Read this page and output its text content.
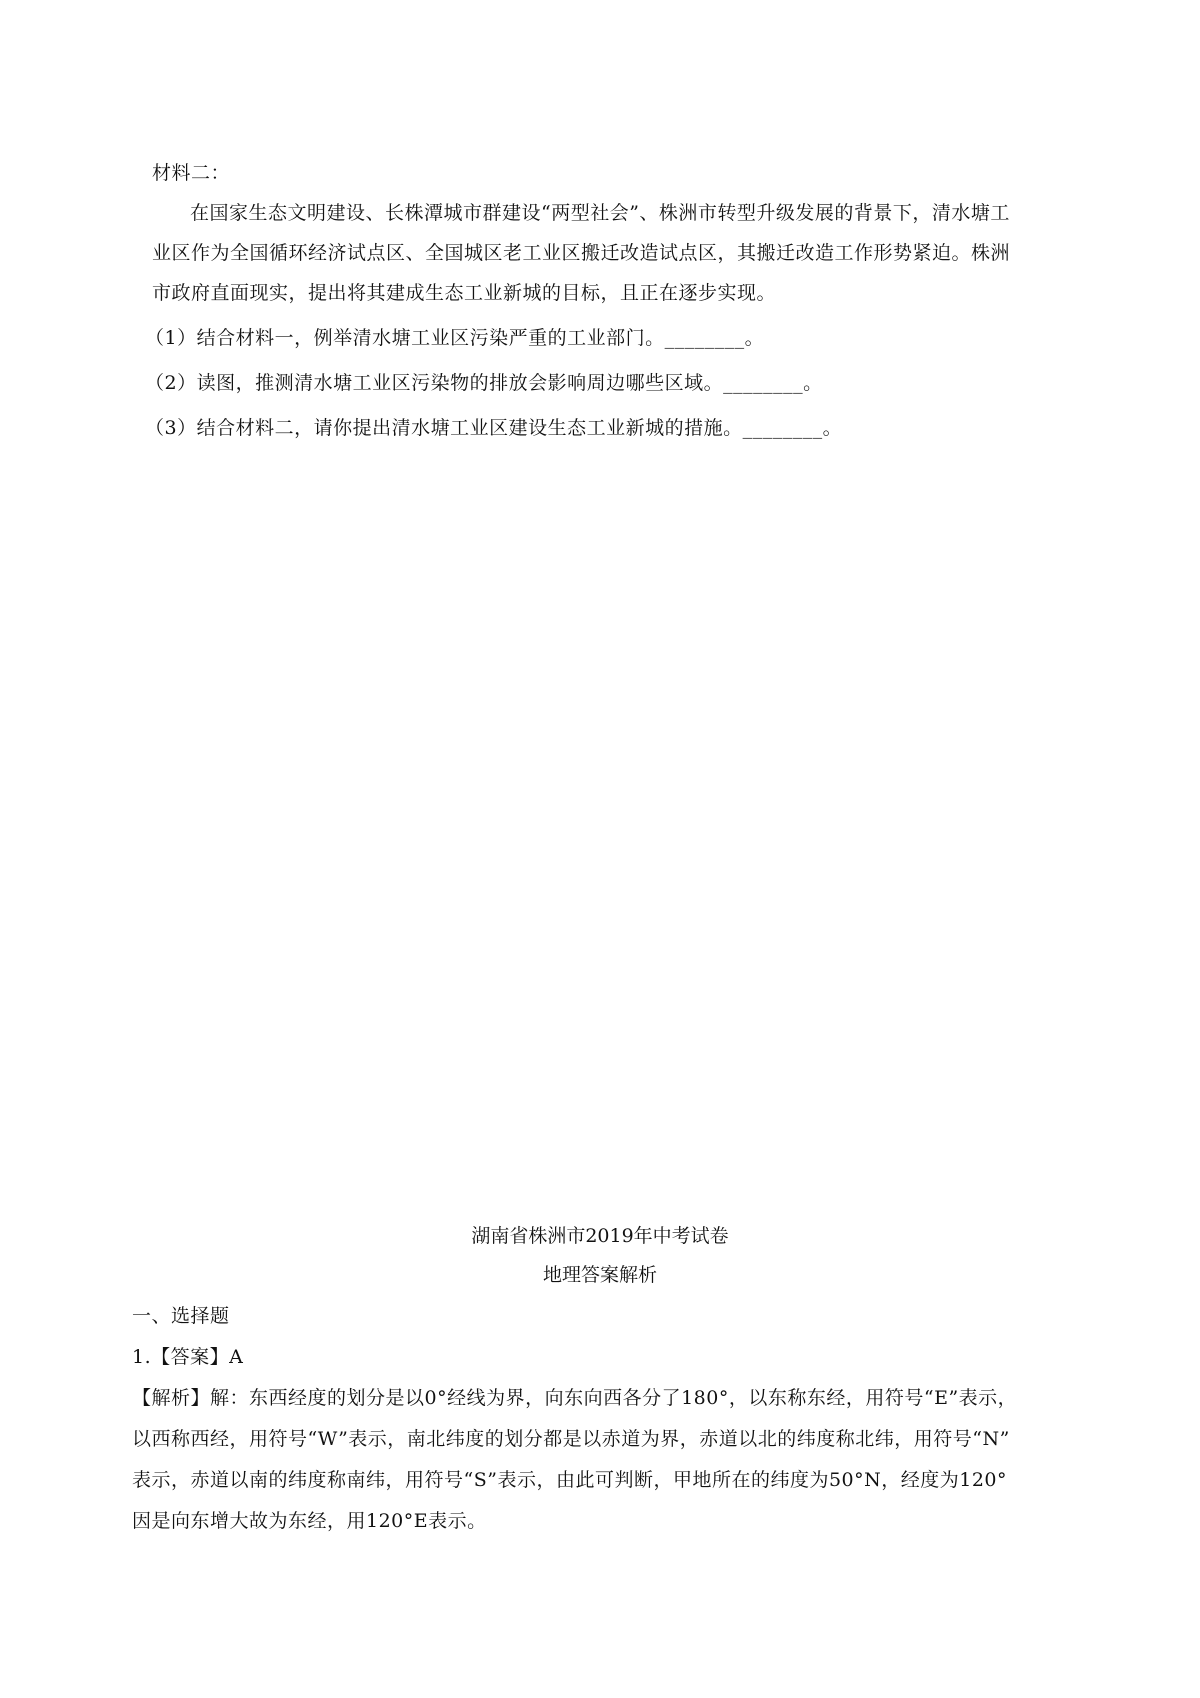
材料二：
在国家生态文明建设、长株潭城市群建设“两型社会”、株洲市转型升级发展的背景下，清水塘工
业区作为全国循环经济试点区、全国城区老工业区搬迁改造试点区，其搬迁改造工作形势紧迫。株洲
市政府直面现实，提出将其建成生态工业新城的目标，且正在逐步实现。
（1）结合材料一，例举清水塘工业区污染严重的工业部门。________。
（2）读图，推测清水塘工业区污染物的排放会影响周边哪些区域。________。
（3）结合材料二，请你提出清水塘工业区建设生态工业新城的措施。________。
湖南省株洲市2019年中考试卷
地理答案解析
一、选择题
1.【答案】A
【解析】解：东西经度的划分是以0°经线为界，向东向西各分了180°，以东称东经，用符号“E”表示，
以西称西经，用符号“W”表示，南北纬度的划分都是以赤道为界，赤道以北的纬度称北纬，用符号“N”
表示，赤道以南的纬度称南纬，用符号“S”表示，由此可判断，甲地所在的纬度为50°N，经度为120°
因是向东增大故为东经，用120°E表示。
